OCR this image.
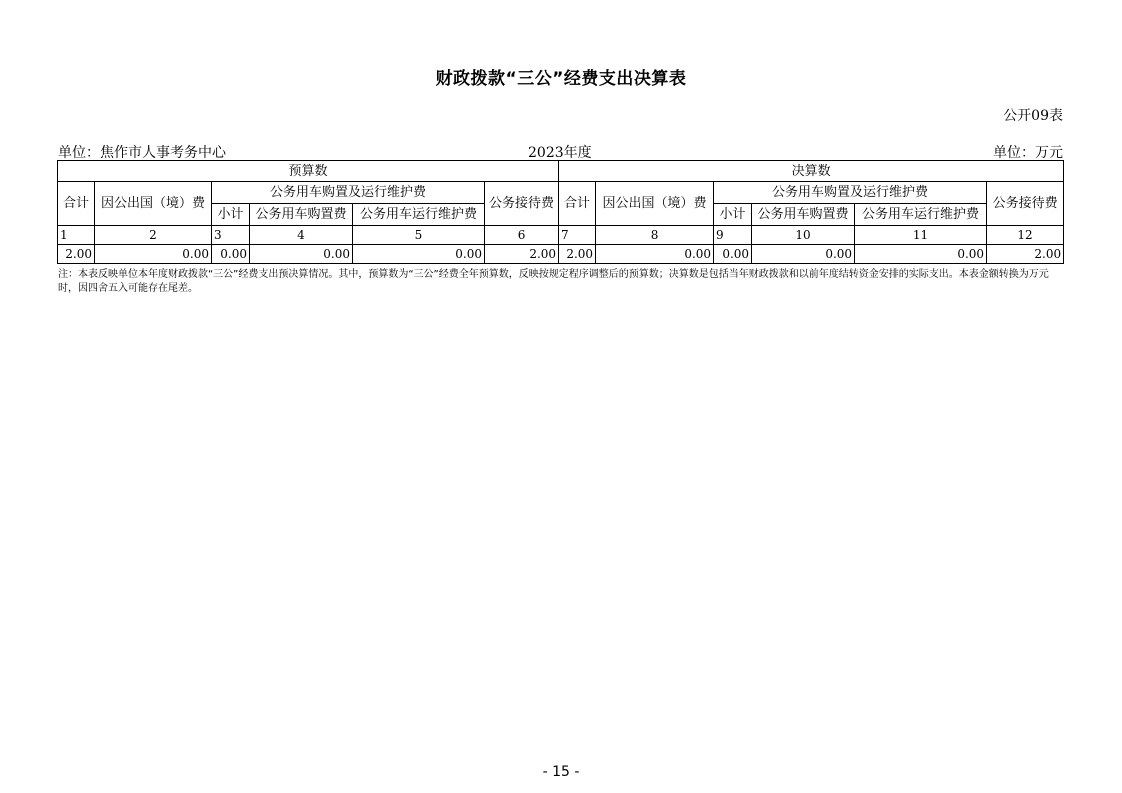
财政拨款“三公”经费支出决算表
公开09表
单位：焦作市人事考务中心	2023年度	单位：万元
预算数						决算数					
合计	因公出国（境）费	公务用车购置及运行维护费			公务接待费	合计	因公出国（境）费	公务用车购置及运行维护费			公务接待费
		小计	公务用车购置费	公务用车运行维护费				小计	公务用车购置费	公务用车运行维护费	
1	2	3	4	5	6	7	8	9	10	11	12
2.00	0.00	0.00	0.00	0.00	2.00	2.00	0.00	0.00	0.00	0.00	2.00
注：本表反映单位本年度财政拨款“三公”经费支出预决算情况。其中，预算数为“三公”经费全年预算数，反映按规定程序调整后的预算数；决算数是包括当年财政拨款和以前年度结转资金安排的实际支出。本表金额转换为万元时，因四舍五入可能存在尾差。
- 15 -
